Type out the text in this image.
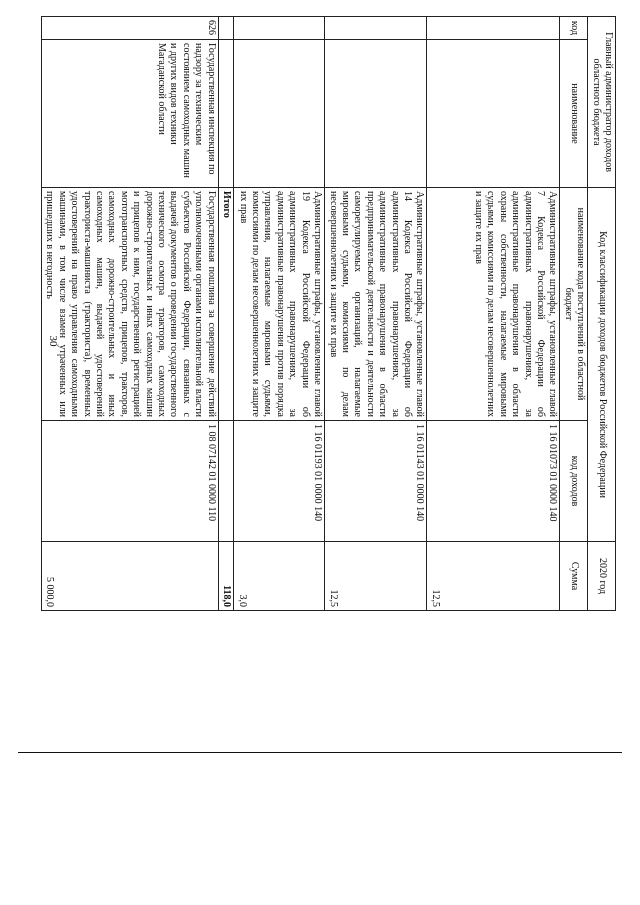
30
Главный администратор доходов областного бюджета		Код классификации доходов бюджетов Российской Федерации		2020 год
код	наименование	наименование кода поступлений в областной бюджет	код доходов	Сумма
		Административные штрафы, установленные главой 7 Кодекса Российской Федерации об административных правонарушениях, за административные правонарушения в области охраны собственности, налагаемые мировыми судьями, комиссиями по делам несовершеннолетних и защите их прав	1 16 01073 01 0000 140	12,5
		Административные штрафы, установленные главой 14 Кодекса Российской Федерации об административных правонарушениях, за административные правонарушения в области предпринимательской деятельности и деятельности саморегулируемых организаций, налагаемые мировыми судьями, комиссиями по делам несовершеннолетних и защите их прав	1 16 01143 01 0000 140	12,5
		Административные штрафы, установленные главой 19 Кодекса Российской Федерации об административных правонарушениях, за административные правонарушения против порядка управления, налагаемые мировыми судьями, комиссиями по делам несовершеннолетних и защите их прав	1 16 01193 01 0000 140	3,0
		Итого		118,0
626	Государственная инспекция по надзору за техническим состоянием самоходных машин и других видов техники Магаданской области	Государственная пошлина за совершение действий уполномоченными органами исполнительной власти субъектов Российской Федерации, связанных с выдачей документов о проведении государственного технического осмотра тракторов, самоходных дорожно-строительных и иных самоходных машин и прицепов к ним, государственной регистрацией мототранспортных средств, прицепов, тракторов, самоходных дорожно-строительных и иных самоходных машин, выдачей удостоверений тракториста-машиниста (тракториста), временных удостоверений на право управления самоходными машинами, в том числе взамен утраченных или пришедших в негодность	1 08 07142 01 0000 110	5 000,0
